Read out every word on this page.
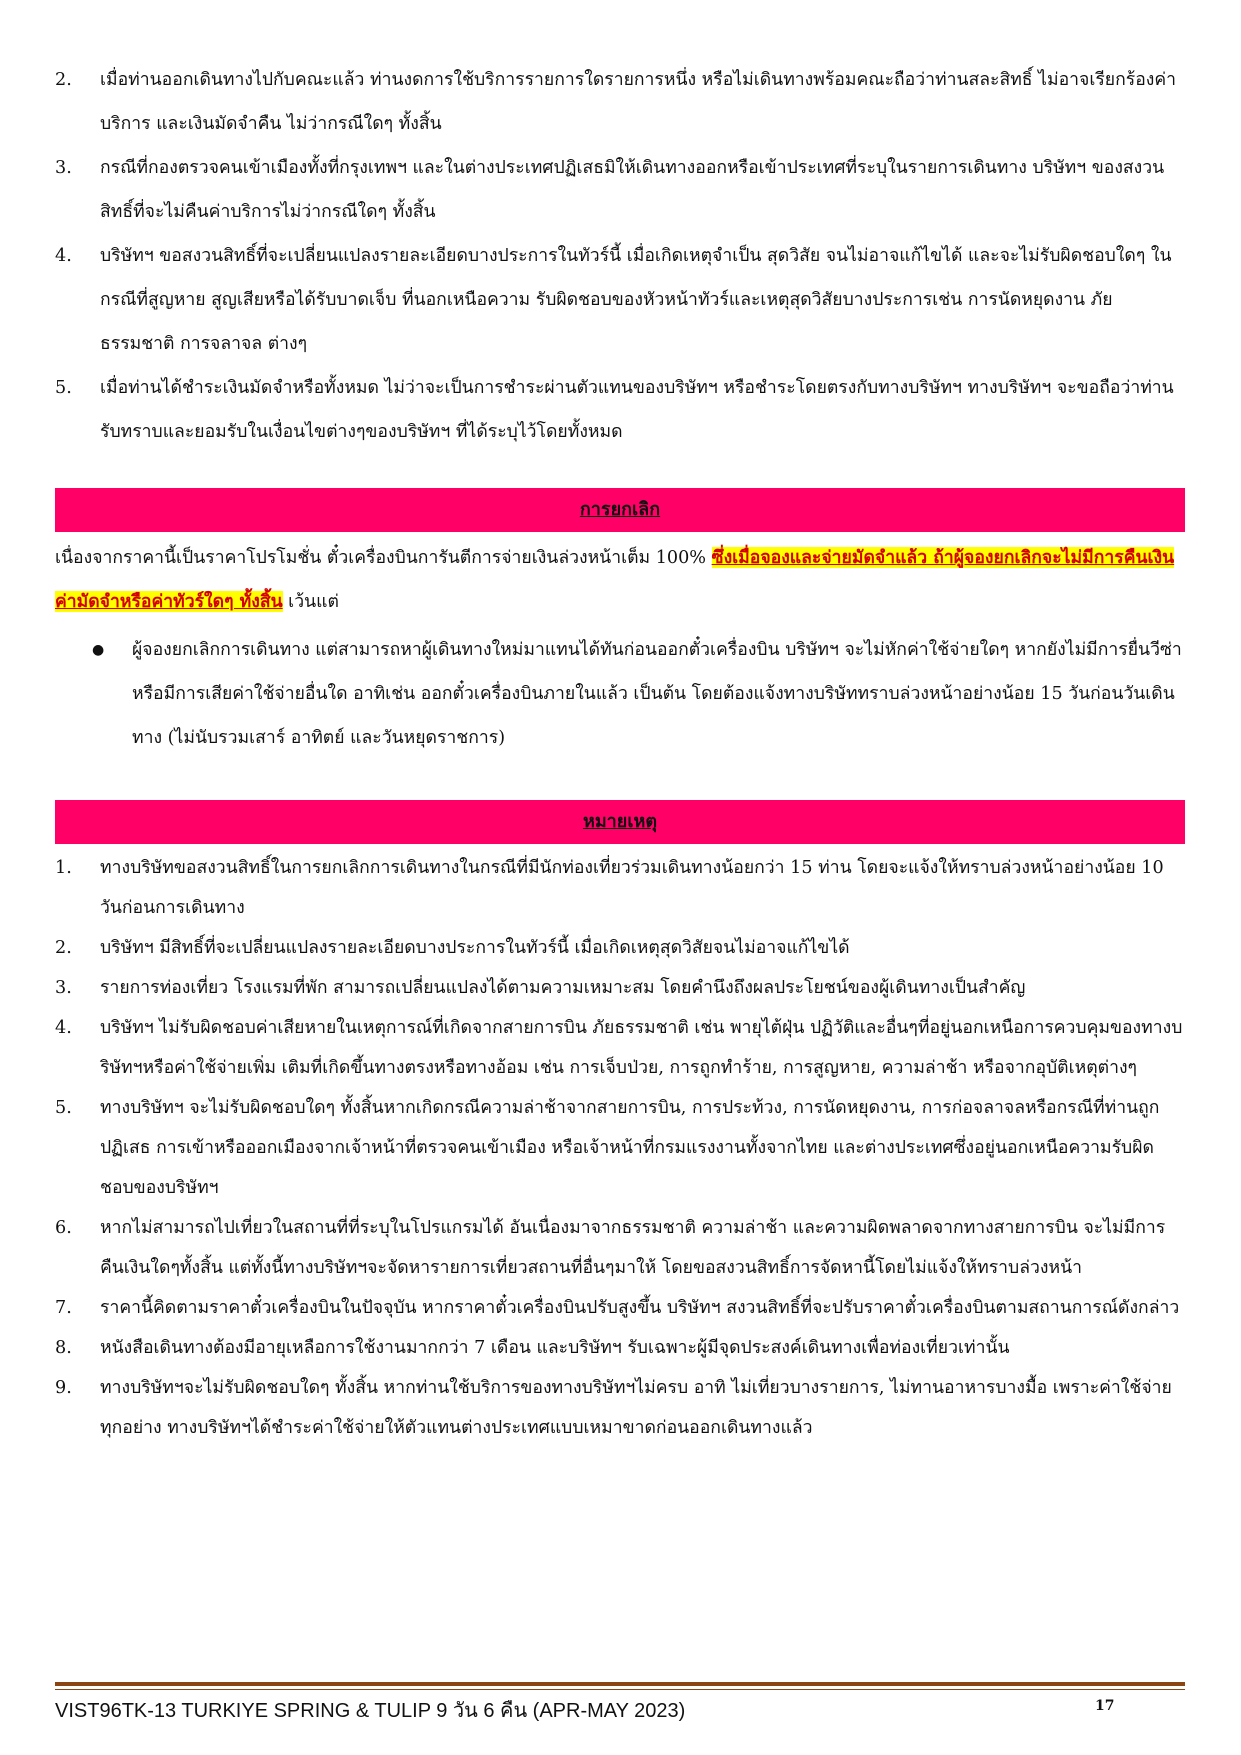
2.	เมื่อท่านออกเดินทางไปกับคณะแล้ว ท่านงดการใช้บริการรายการใดรายการหนึ่ง หรือไม่เดินทางพร้อมคณะถือว่าท่านสละสิทธิ์ ไม่อาจเรียกร้องค่าบริการ และเงินมัดจำคืน ไม่ว่ากรณีใดๆ ทั้งสิ้น
3.	กรณีที่กองตรวจคนเข้าเมืองทั้งที่กรุงเทพฯ และในต่างประเทศปฏิเสธมิให้เดินทางออกหรือเข้าประเทศที่ระบุในรายการเดินทาง บริษัทฯ ของสงวนสิทธิ์ที่จะไม่คืนค่าบริการไม่ว่ากรณีใดๆ ทั้งสิ้น
4.	บริษัทฯ ขอสงวนสิทธิ์ที่จะเปลี่ยนแปลงรายละเอียดบางประการในทัวร์นี้ เมื่อเกิดเหตุจำเป็น สุดวิสัย จนไม่อาจแก้ไขได้ และจะไม่รับผิดชอบใดๆ ในกรณีที่สูญหาย สูญเสียหรือได้รับบาดเจ็บ ที่นอกเหนือความ รับผิดชอบของหัวหน้าทัวร์และเหตุสุดวิสัยบางประการเช่น การนัดหยุดงาน ภัยธรรมชาติ การจลาจล ต่างๆ
5.	เมื่อท่านได้ชำระเงินมัดจำหรือทั้งหมด ไม่ว่าจะเป็นการชำระผ่านตัวแทนของบริษัทฯ หรือชำระโดยตรงกับทางบริษัทฯ ทางบริษัทฯ จะขอถือว่าท่านรับทราบและยอมรับในเงื่อนไขต่างๆของบริษัทฯ ที่ได้ระบุไว้โดยทั้งหมด
การยกเลิก
เนื่องจากราคานี้เป็นราคาโปรโมชั่น ตั๋วเครื่องบินการันตีการจ่ายเงินล่วงหน้าเต็ม 100% ซึ่งเมื่อจองและจ่ายมัดจำแล้ว ถ้าผู้จองยกเลิกจะไม่มีการคืนเงินค่ามัดจำหรือค่าทัวร์ใดๆ ทั้งสิ้น เว้นแต่
●	ผู้จองยกเลิกการเดินทาง แต่สามารถหาผู้เดินทางใหม่มาแทนได้ทันก่อนออกตั๋วเครื่องบิน บริษัทฯ จะไม่หักค่าใช้จ่ายใดๆ หากยังไม่มีการยื่นวีซ่า หรือมีการเสียค่าใช้จ่ายอื่นใด อาทิเช่น ออกตั๋วเครื่องบินภายในแล้ว เป็นต้น โดยต้องแจ้งทางบริษัททราบล่วงหน้าอย่างน้อย 15 วันก่อนวันเดินทาง (ไม่นับรวมเสาร์ อาทิตย์ และวันหยุดราชการ)
หมายเหตุ
1.	ทางบริษัทขอสงวนสิทธิ์ในการยกเลิกการเดินทางในกรณีที่มีนักท่องเที่ยวร่วมเดินทางน้อยกว่า 15 ท่าน โดยจะแจ้งให้ทราบล่วงหน้าอย่างน้อย 10 วันก่อนการเดินทาง
2.	บริษัทฯ มีสิทธิ์ที่จะเปลี่ยนแปลงรายละเอียดบางประการในทัวร์นี้ เมื่อเกิดเหตุสุดวิสัยจนไม่อาจแก้ไขได้
3.	รายการท่องเที่ยว โรงแรมที่พัก สามารถเปลี่ยนแปลงได้ตามความเหมาะสม โดยคำนึงถึงผลประโยชน์ของผู้เดินทางเป็นสำคัญ
4.	บริษัทฯ ไม่รับผิดชอบค่าเสียหายในเหตุการณ์ที่เกิดจากสายการบิน ภัยธรรมชาติ เช่น พายุไต้ฝุ่น ปฏิวัติและอื่นๆที่อยู่นอกเหนือการควบคุมของทางบริษัทฯหรือค่าใช้จ่ายเพิ่ม เติมที่เกิดขึ้นทางตรงหรือทางอ้อม เช่น การเจ็บป่วย, การถูกทำร้าย, การสูญหาย, ความล่าช้า หรือจากอุบัติเหตุต่างๆ
5.	ทางบริษัทฯ จะไม่รับผิดชอบใดๆ ทั้งสิ้นหากเกิดกรณีความล่าช้าจากสายการบิน, การประท้วง, การนัดหยุดงาน, การก่อจลาจลหรือกรณีที่ท่านถูกปฏิเสธ การเข้าหรือออกเมืองจากเจ้าหน้าที่ตรวจคนเข้าเมือง หรือเจ้าหน้าที่กรมแรงงานทั้งจากไทย และต่างประเทศซึ่งอยู่นอกเหนือความรับผิดชอบของบริษัทฯ
6.	หากไม่สามารถไปเที่ยวในสถานที่ที่ระบุในโปรแกรมได้ อันเนื่องมาจากธรรมชาติ ความล่าช้า และความผิดพลาดจากทางสายการบิน จะไม่มีการคืนเงินใดๆทั้งสิ้น แต่ทั้งนี้ทางบริษัทฯจะจัดหารายการเที่ยวสถานที่อื่นๆมาให้ โดยขอสงวนสิทธิ์การจัดหานี้โดยไม่แจ้งให้ทราบล่วงหน้า
7.	ราคานี้คิดตามราคาตั๋วเครื่องบินในปัจจุบัน หากราคาตั๋วเครื่องบินปรับสูงขึ้น บริษัทฯ สงวนสิทธิ์ที่จะปรับราคาตั๋วเครื่องบินตามสถานการณ์ดังกล่าว
8.	หนังสือเดินทางต้องมีอายุเหลือการใช้งานมากกว่า 7 เดือน และบริษัทฯ รับเฉพาะผู้มีจุดประสงค์เดินทางเพื่อท่องเที่ยวเท่านั้น
9.	ทางบริษัทฯจะไม่รับผิดชอบใดๆ ทั้งสิ้น หากท่านใช้บริการของทางบริษัทฯไม่ครบ อาทิ ไม่เที่ยวบางรายการ, ไม่ทานอาหารบางมื้อ เพราะค่าใช้จ่ายทุกอย่าง ทางบริษัทฯได้ชำระค่าใช้จ่ายให้ตัวแทนต่างประเทศแบบเหมาขาดก่อนออกเดินทางแล้ว
VIST96TK-13 TURKIYE SPRING & TULIP 9 วัน 6 คืน (APR-MAY 2023)	17
